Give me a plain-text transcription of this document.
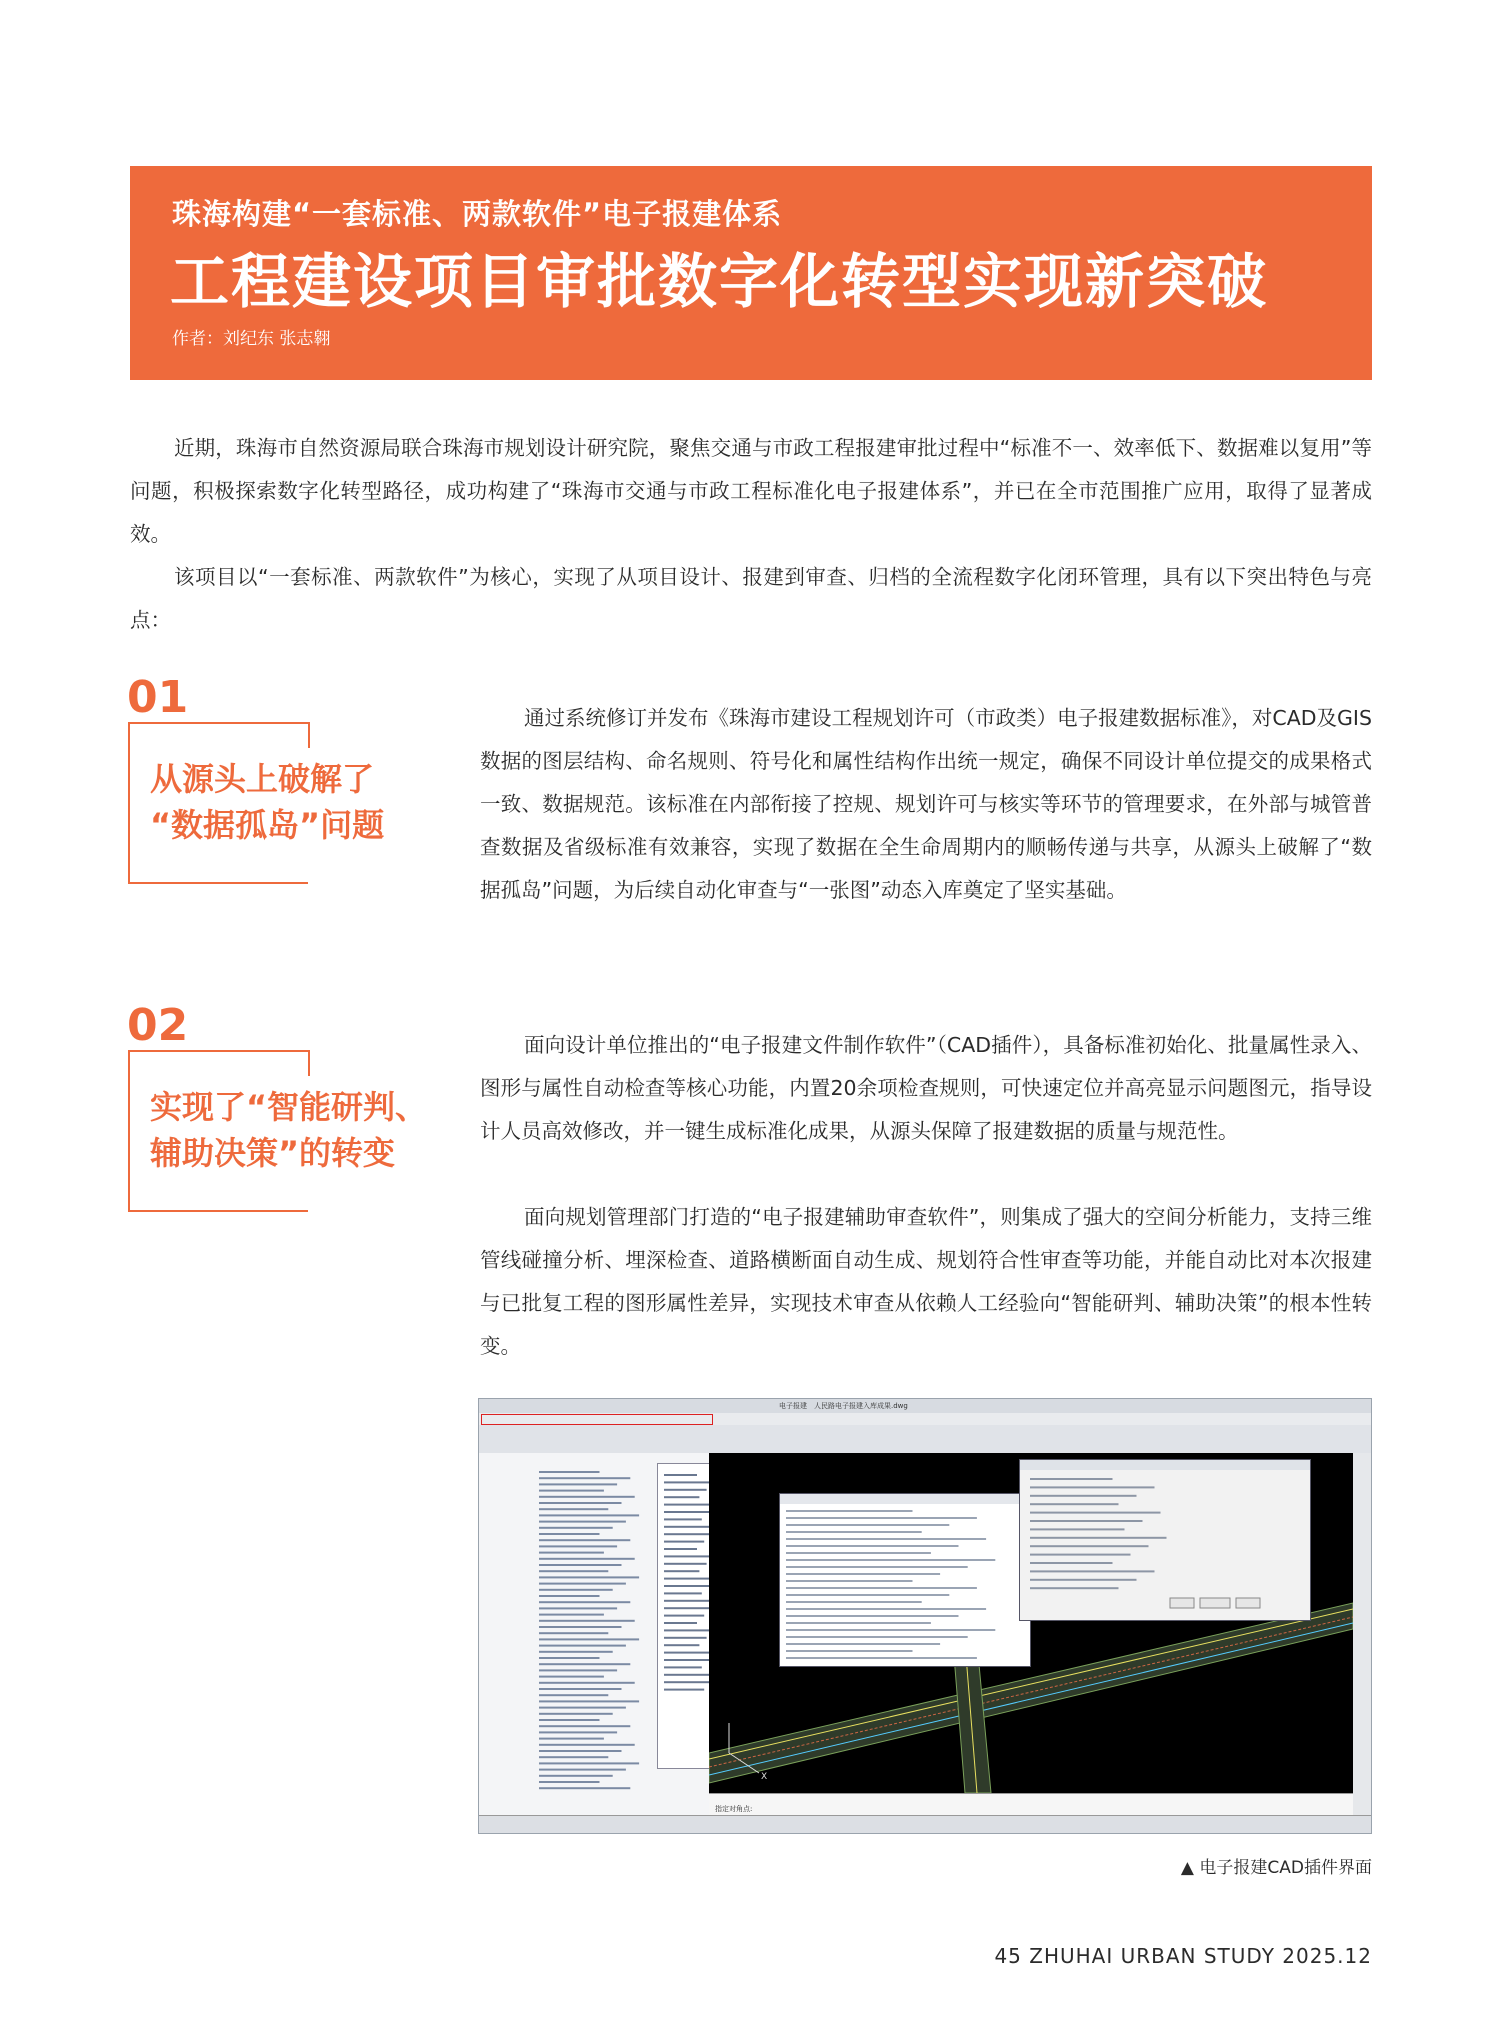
珠海构建“一套标准、两款软件”电子报建体系
工程建设项目审批数字化转型实现新突破
作者：刘纪东 张志翱
近期，珠海市自然资源局联合珠海市规划设计研究院，聚焦交通与市政工程报建审批过程中“标准不一、效率低下、数据难以复用”等问题，积极探索数字化转型路径，成功构建了“珠海市交通与市政工程标准化电子报建体系”，并已在全市范围推广应用，取得了显著成效。
该项目以“一套标准、两款软件”为核心，实现了从项目设计、报建到审查、归档的全流程数字化闭环管理，具有以下突出特色与亮点：
01
从源头上破解了
“数据孤岛”问题
通过系统修订并发布《珠海市建设工程规划许可（市政类）电子报建数据标准》，对CAD及GIS数据的图层结构、命名规则、符号化和属性结构作出统一规定，确保不同设计单位提交的成果格式一致、数据规范。该标准在内部衔接了控规、规划许可与核实等环节的管理要求，在外部与城管普查数据及省级标准有效兼容，实现了数据在全生命周期内的顺畅传递与共享，从源头上破解了“数据孤岛”问题，为后续自动化审查与“一张图”动态入库奠定了坚实基础。
02
实现了“智能研判、
辅助决策”的转变
面向设计单位推出的“电子报建文件制作软件”（CAD插件），具备标准初始化、批量属性录入、图形与属性自动检查等核心功能，内置20余项检查规则，可快速定位并高亮显示问题图元，指导设计人员高效修改，并一键生成标准化成果，从源头保障了报建数据的质量与规范性。
面向规划管理部门打造的“电子报建辅助审查软件”，则集成了强大的空间分析能力，支持三维管线碰撞分析、埋深检查、道路横断面自动生成、规划符合性审查等功能，并能自动比对本次报建与已批复工程的图形属性差异，实现技术审查从依赖人工经验向“智能研判、辅助决策”的根本性转变。
电子报建　人民路电子报建入库成果.dwg
X
指定对角点:
▲ 电子报建CAD插件界面
45 ZHUHAI URBAN STUDY 2025.12
